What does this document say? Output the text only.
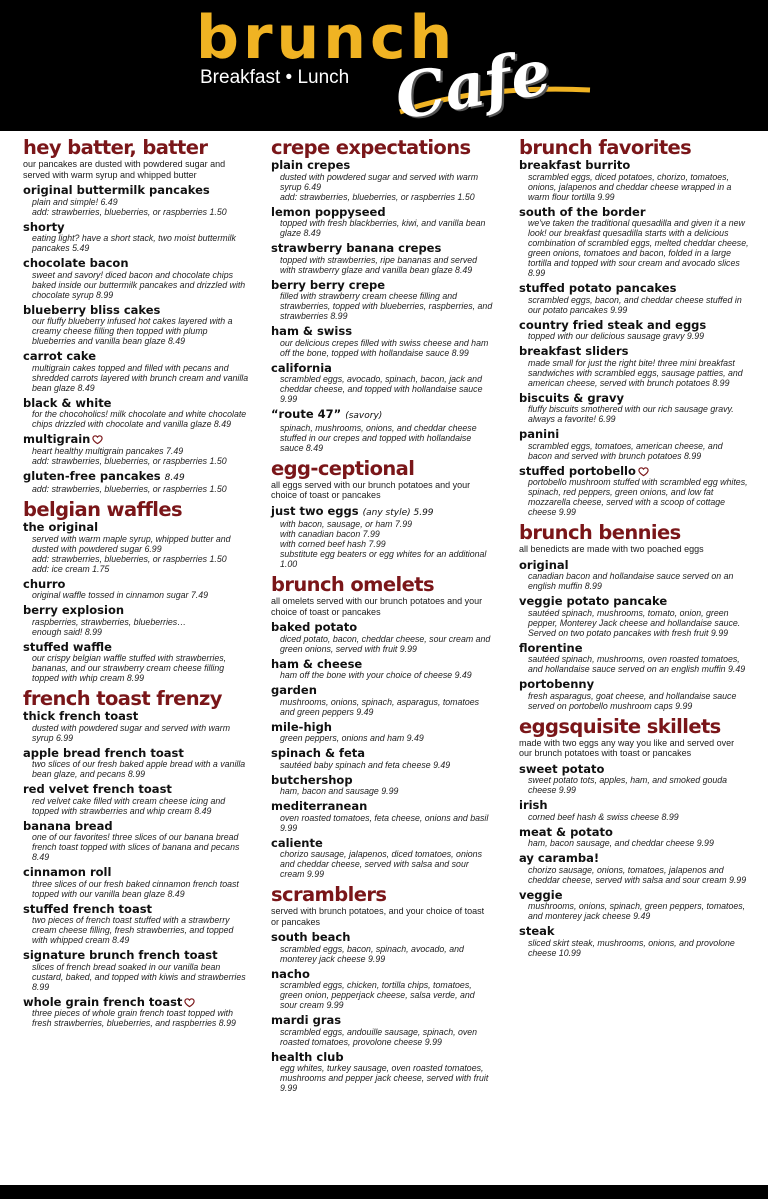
brunch
Breakfast • Lunch Cafe
hey batter, batter
our pancakes are dusted with powdered sugar and served with warm syrup and whipped butter
original buttermilk pancakes
plain and simple! 6.49
add: strawberries, blueberries, or raspberries 1.50
shorty
eating light? have a short stack, two moist buttermilk pancakes 5.49
chocolate bacon
sweet and savory! diced bacon and chocolate chips baked inside our buttermilk pancakes and drizzled with chocolate syrup 8.99
blueberry bliss cakes
our fluffy blueberry infused hot cakes layered with a creamy cheese filling then topped with plump blueberries and vanilla bean glaze 8.49
carrot cake
multigrain cakes topped and filled with pecans and shredded carrots layered with brunch cream and vanilla bean glaze 8.49
black & white
for the chocoholics! milk chocolate and white chocolate chips drizzled with chocolate and vanilla glaze 8.49
multigrain
heart healthy multigrain pancakes 7.49
add: strawberries, blueberries, or raspberries 1.50
gluten-free pancakes 8.49
add: strawberries, blueberries, or raspberries 1.50
belgian waffles
the original
served with warm maple syrup, whipped butter and dusted with powdered sugar 6.99
add: strawberries, blueberries, or raspberries 1.50
add: ice cream 1.75
churro
original waffle tossed in cinnamon sugar 7.49
berry explosion
raspberries, strawberries, blueberries…
enough said! 8.99
stuffed waffle
our crispy belgian waffle stuffed with strawberries, bananas, and our strawberry cream cheese filling topped with whip cream 8.99
french toast frenzy
thick french toast
dusted with powdered sugar and served with warm syrup 6.99
apple bread french toast
two slices of our fresh baked apple bread with a vanilla bean glaze, and pecans 8.99
red velvet french toast
red velvet cake filled with cream cheese icing and topped with strawberries and whip cream 8.49
banana bread
one of our favorites! three slices of our banana bread french toast topped with slices of banana and pecans 8.49
cinnamon roll
three slices of our fresh baked cinnamon french toast topped with our vanilla bean glaze 8.49
stuffed french toast
two pieces of french toast stuffed with a strawberry cream cheese filling, fresh strawberries, and topped with whipped cream 8.49
signature brunch french toast
slices of french bread soaked in our vanilla bean custard, baked, and topped with kiwis and strawberries 8.99
whole grain french toast
three pieces of whole grain french toast topped with fresh strawberries, blueberries, and raspberries 8.99
crepe expectations
plain crepes
dusted with powdered sugar and served with warm syrup 6.49
add: strawberries, blueberries, or raspberries 1.50
lemon poppyseed
topped with fresh blackberries, kiwi, and vanilla bean glaze 8.49
strawberry banana crepes
topped with strawberries, ripe bananas and served with strawberry glaze and vanilla bean glaze 8.49
berry berry crepe
filled with strawberry cream cheese filling and strawberries, topped with blueberries, raspberries, and strawberries 8.99
ham & swiss
our delicious crepes filled with swiss cheese and ham off the bone, topped with hollandaise sauce 8.99
california
scrambled eggs, avocado, spinach, bacon, jack and cheddar cheese, and topped with hollandaise sauce 9.99
“route 47” (savory)
spinach, mushrooms, onions, and cheddar cheese stuffed in our crepes and topped with hollandaise sauce 8.49
egg-ceptional
all eggs served with our brunch potatoes and your choice of toast or pancakes
just two eggs (any style) 5.99
with bacon, sausage, or ham 7.99
with canadian bacon 7.99
with corned beef hash 7.99
substitute egg beaters or egg whites for an additional 1.00
brunch omelets
all omelets served with our brunch potatoes and your choice of toast or pancakes
baked potato
diced potato, bacon, cheddar cheese, sour cream and green onions, served with fruit 9.99
ham & cheese
ham off the bone with your choice of cheese 9.49
garden
mushrooms, onions, spinach, asparagus, tomatoes and green peppers 9.49
mile-high
green peppers, onions and ham 9.49
spinach & feta
sautéed baby spinach and feta cheese 9.49
butchershop
ham, bacon and sausage 9.99
mediterranean
oven roasted tomatoes, feta cheese, onions and basil 9.99
caliente
chorizo sausage, jalapenos, diced tomatoes, onions and cheddar cheese, served with salsa and sour cream 9.99
scramblers
served with brunch potatoes, and your choice of toast or pancakes
south beach
scrambled eggs, bacon, spinach, avocado, and monterey jack cheese 9.99
nacho
scrambled eggs, chicken, tortilla chips, tomatoes, green onion, pepperjack cheese, salsa verde, and sour cream 9.99
mardi gras
scrambled eggs, andouille sausage, spinach, oven roasted tomatoes, provolone cheese 9.99
health club
egg whites, turkey sausage, oven roasted tomatoes, mushrooms and pepper jack cheese, served with fruit 9.99
brunch favorites
breakfast burrito
scrambled eggs, diced potatoes, chorizo, tomatoes, onions, jalapenos and cheddar cheese wrapped in a warm flour tortilla 9.99
south of the border
we've taken the traditional quesadilla and given it a new look! our breakfast quesadilla starts with a delicious combination of scrambled eggs, melted cheddar cheese, green onions, tomatoes and bacon, folded in a large tortilla and topped with sour cream and avocado slices 8.99
stuffed potato pancakes
scrambled eggs, bacon, and cheddar cheese stuffed in our potato pancakes 9.99
country fried steak and eggs
topped with our delicious sausage gravy 9.99
breakfast sliders
made small for just the right bite! three mini breakfast sandwiches with scrambled eggs, sausage patties, and american cheese, served with brunch potatoes 8.99
biscuits & gravy
fluffy biscuits smothered with our rich sausage gravy. always a favorite! 6.99
panini
scrambled eggs, tomatoes, american cheese, and bacon and served with brunch potatoes 8.99
stuffed portobello
portobello mushroom stuffed with scrambled egg whites, spinach, red peppers, green onions, and low fat mozzarella cheese, served with a scoop of cottage cheese 9.99
brunch bennies
all benedicts are made with two poached eggs
original
canadian bacon and hollandaise sauce served on an english muffin 8.99
veggie potato pancake
sautéed spinach, mushrooms, tomato, onion, green pepper, Monterey Jack cheese and hollandaise sauce. Served on two potato pancakes with fresh fruit 9.99
florentine
sautéed spinach, mushrooms, oven roasted tomatoes, and hollandaise sauce served on an english muffin 9.49
portobenny
fresh asparagus, goat cheese, and hollandaise sauce served on portobello mushroom caps 9.99
eggsquisite skillets
made with two eggs any way you like and served over our brunch potatoes with toast or pancakes
sweet potato
sweet potato tots, apples, ham, and smoked gouda cheese 9.99
irish
corned beef hash & swiss cheese 8.99
meat & potato
ham, bacon sausage, and cheddar cheese 9.99
ay caramba!
chorizo sausage, onions, tomatoes, jalapenos and cheddar cheese, served with salsa and sour cream 9.99
veggie
mushrooms, onions, spinach, green peppers, tomatoes, and monterey jack cheese 9.49
steak
sliced skirt steak, mushrooms, onions, and provolone cheese 10.99
